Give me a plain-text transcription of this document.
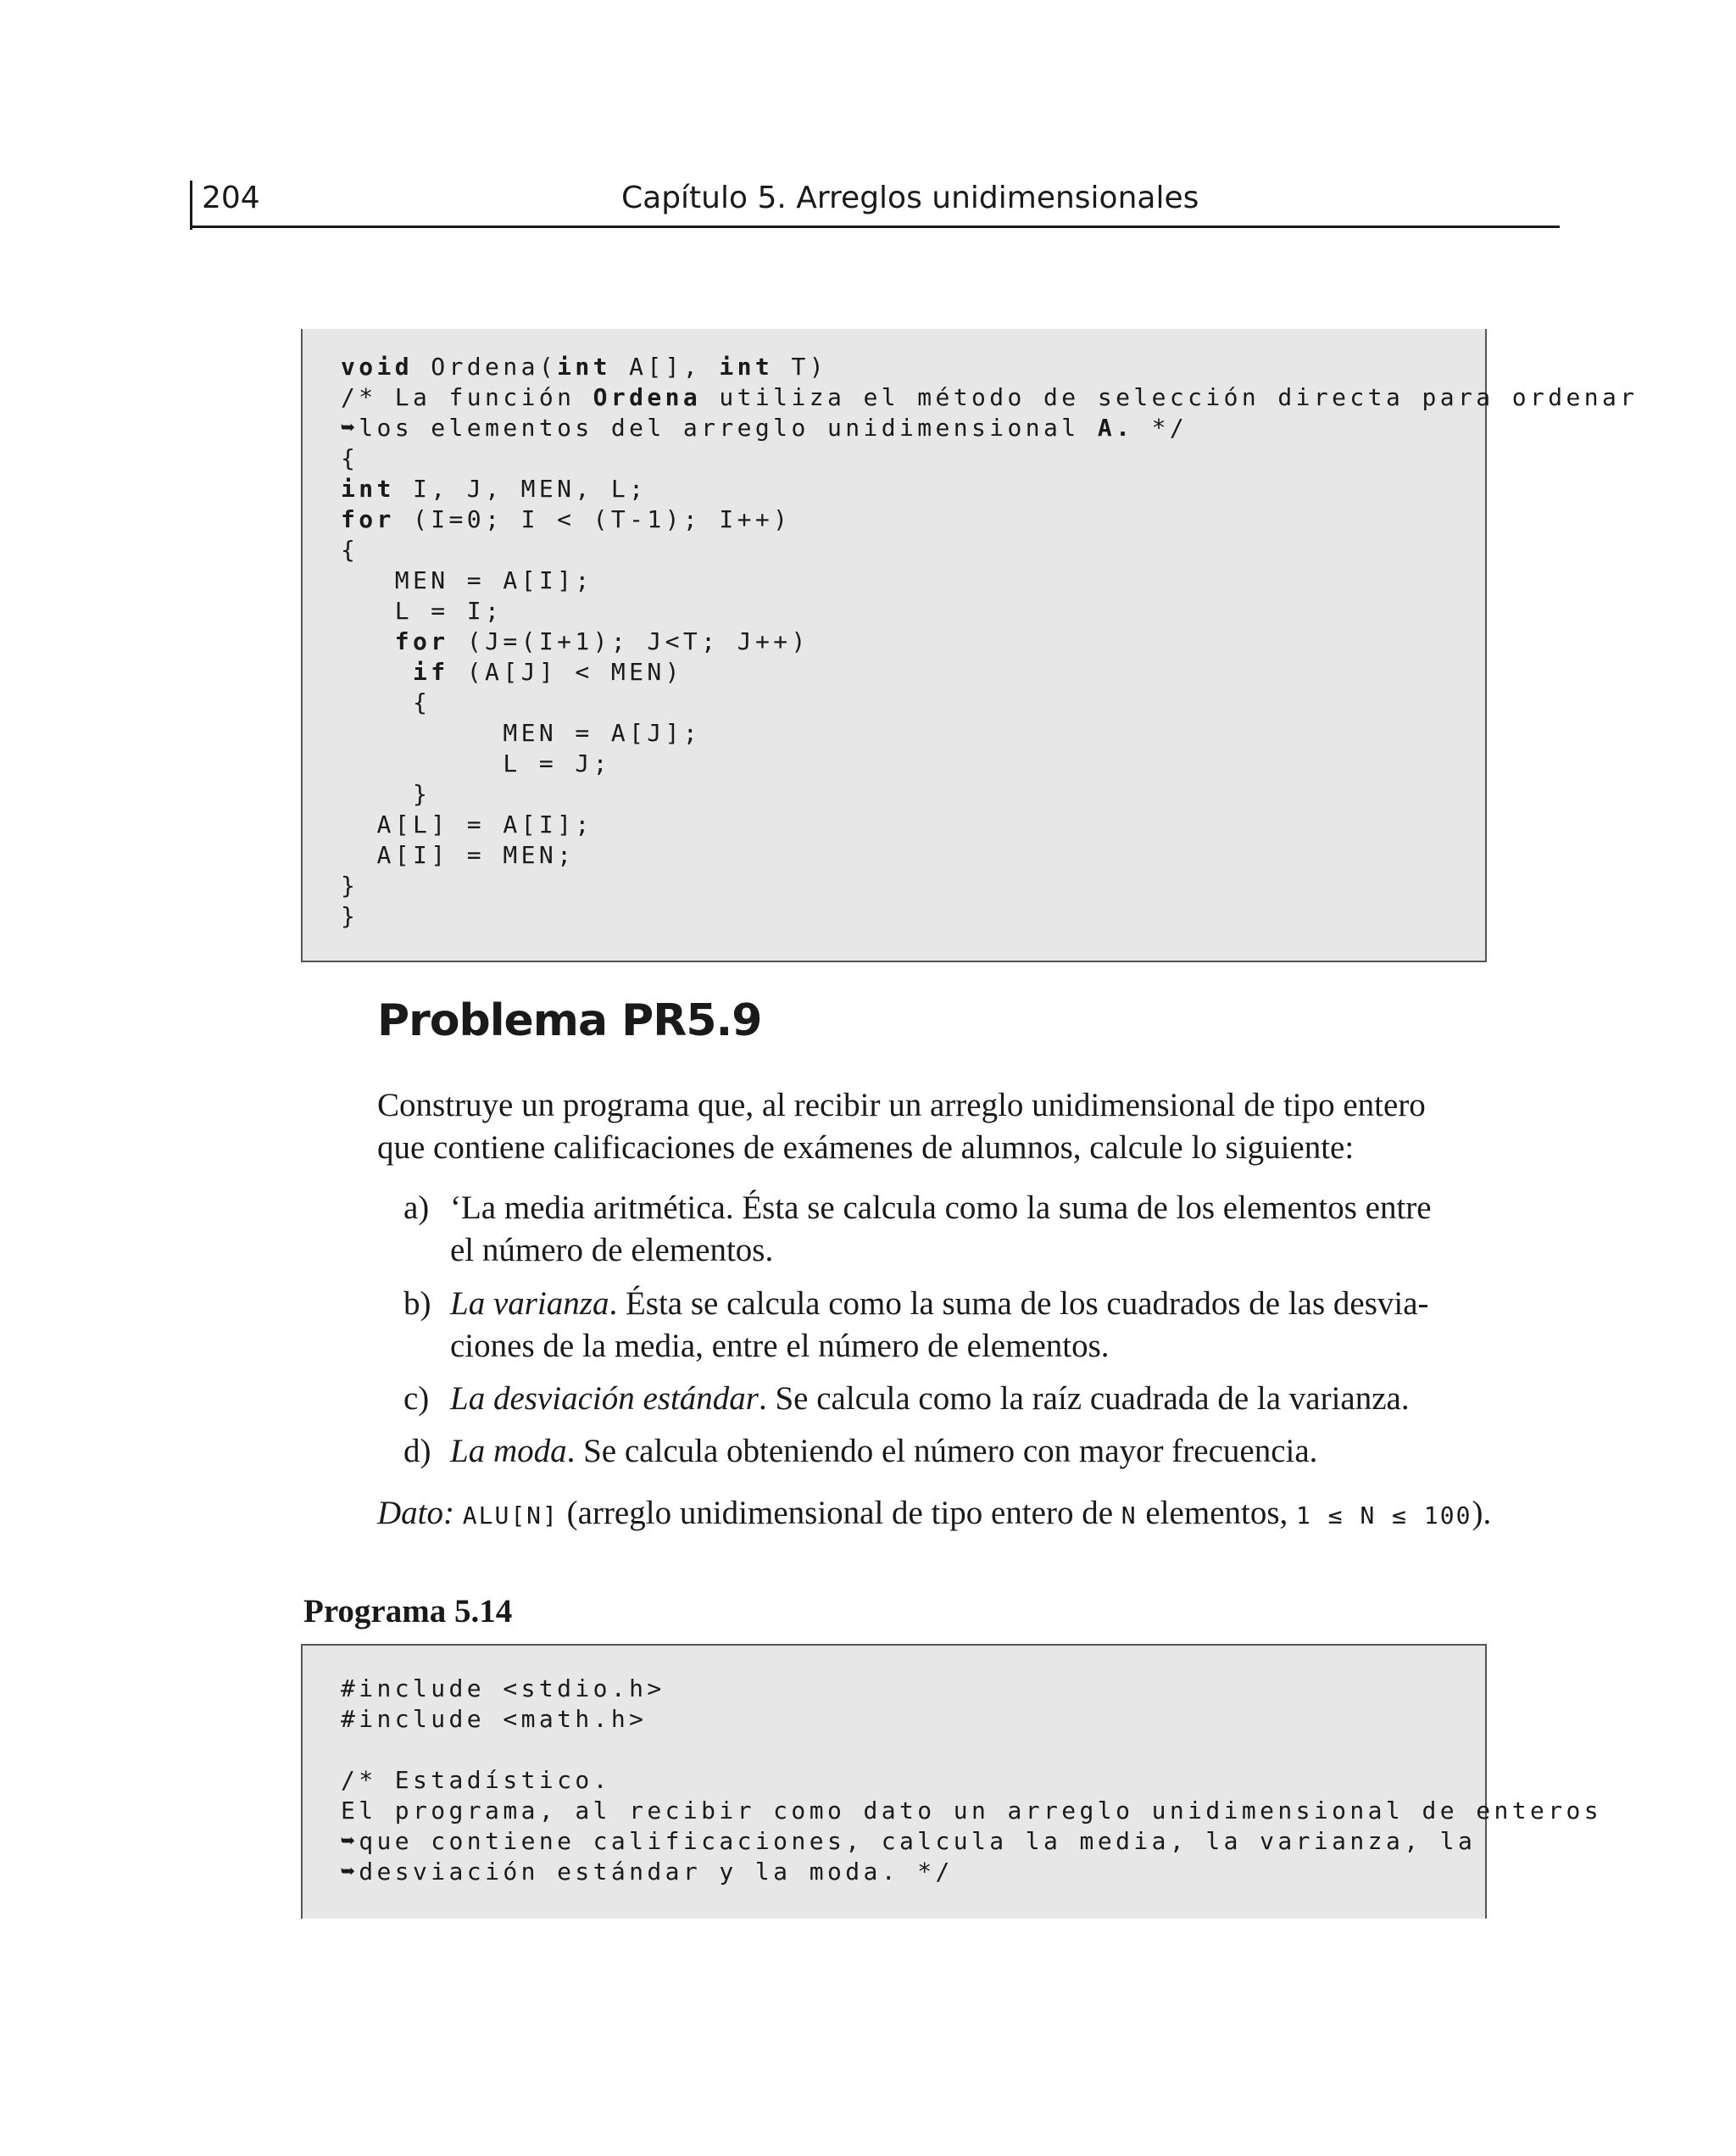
204	Capítulo 5. Arreglos unidimensionales
void Ordena(int A[], int T)
/* La función Ordena utiliza el método de selección directa para ordenar
➥los elementos del arreglo unidimensional A. */
{
int I, J, MEN, L;
for (I=0; I < (T-1); I++)
{
MEN = A[I];
L = I;
for (J=(I+1); J<T; J++)
if (A[J] < MEN)
{
MEN = A[J];
L = J;
}
A[L] = A[I];
A[I] = MEN;
}
}
Problema PR5.9
Construye un programa que, al recibir un arreglo unidimensional de tipo entero
que contiene calificaciones de exámenes de alumnos, calcule lo siguiente:
a) ‘La media aritmética. Ésta se calcula como la suma de los elementos entre
el número de elementos.
b) La varianza. Ésta se calcula como la suma de los cuadrados de las desvia-
ciones de la media, entre el número de elementos.
c) La desviación estándar. Se calcula como la raíz cuadrada de la varianza.
d) La moda. Se calcula obteniendo el número con mayor frecuencia.
Dato: ALU[N] (arreglo unidimensional de tipo entero de N elementos, 1 ≤ N ≤ 100).
Programa 5.14
#include <stdio.h>
#include <math.h>
/* Estadístico.
El programa, al recibir como dato un arreglo unidimensional de enteros
➥que contiene calificaciones, calcula la media, la varianza, la
➥desviación estándar y la moda. */
